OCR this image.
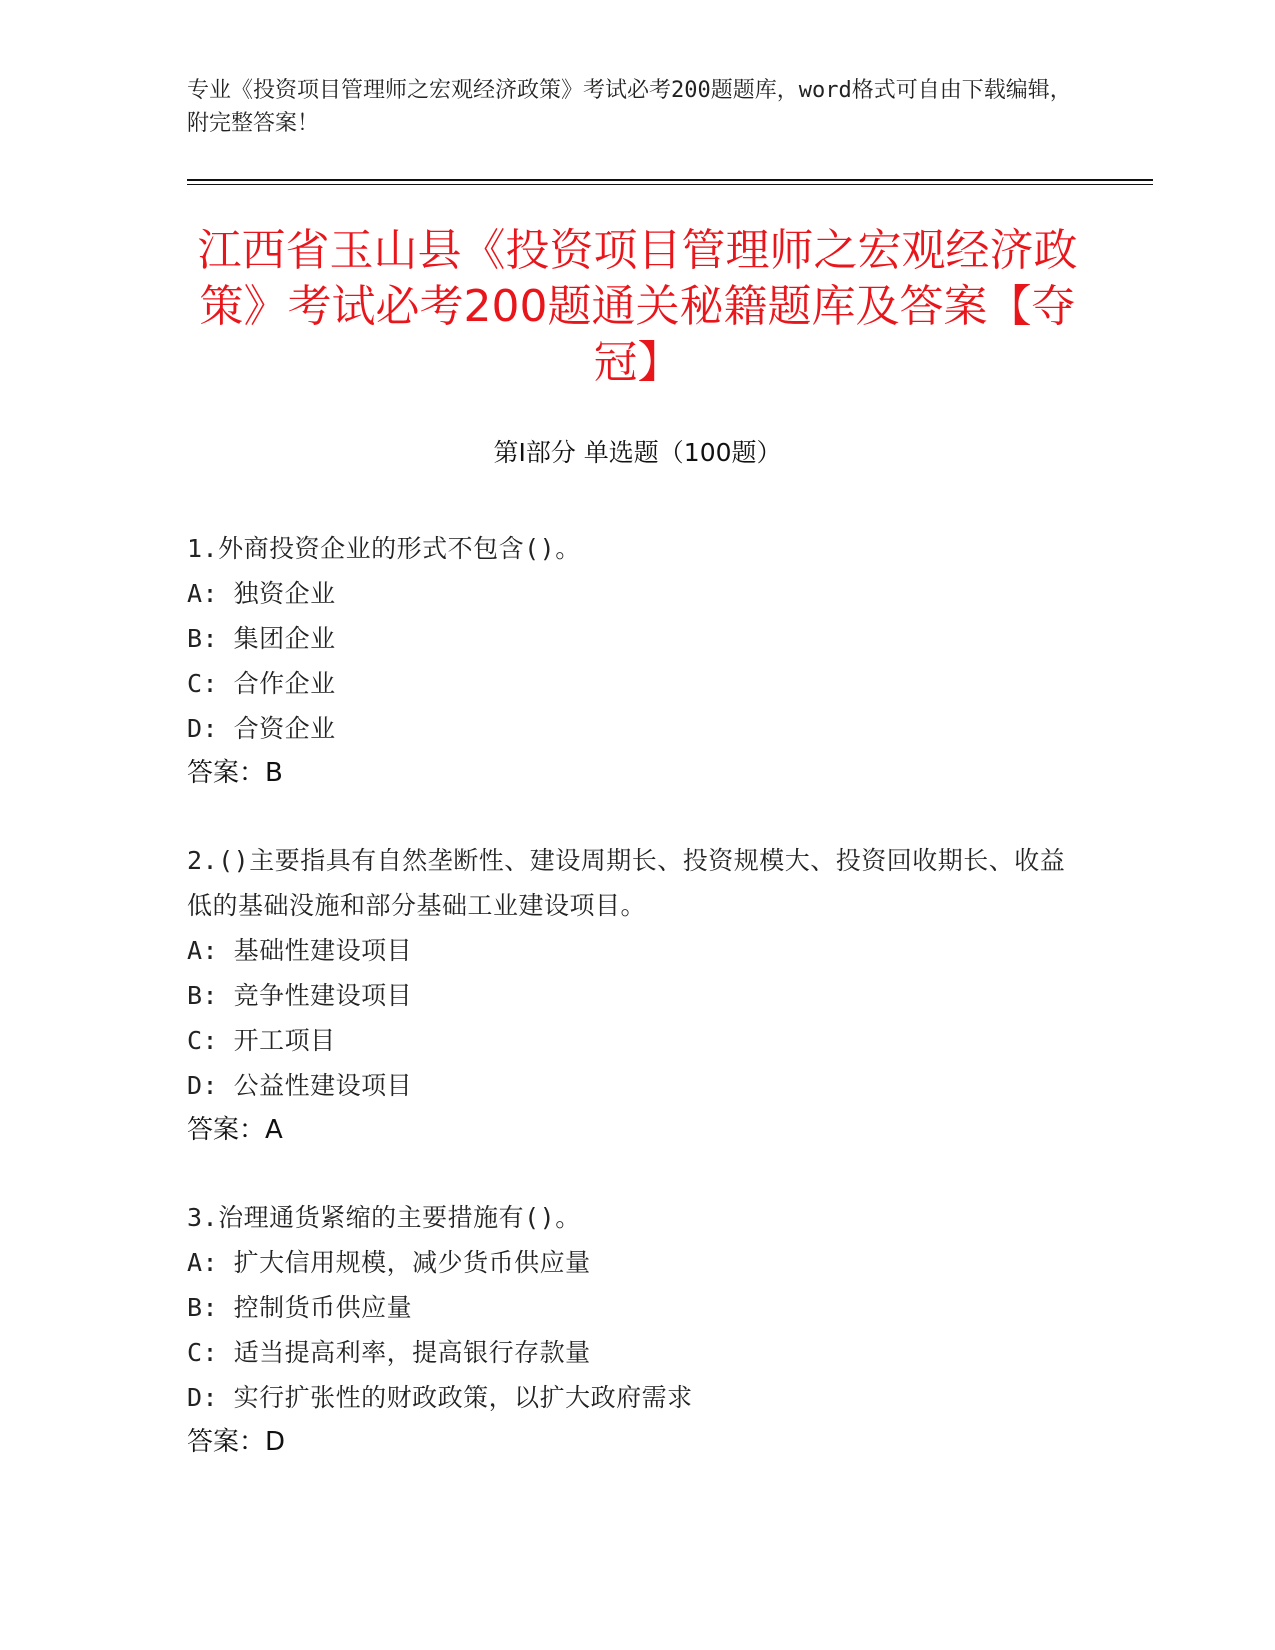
专业《投资项目管理师之宏观经济政策》考试必考200题题库，word格式可自由下载编辑，附完整答案！
江西省玉山县《投资项目管理师之宏观经济政策》考试必考200题通关秘籍题库及答案【夺冠】
第I部分 单选题（100题）
1.外商投资企业的形式不包含()。
A: 独资企业
B: 集团企业
C: 合作企业
D: 合资企业
答案：B
2.()主要指具有自然垄断性、建设周期长、投资规模大、投资回收期长、收益低的基础没施和部分基础工业建设项目。
A: 基础性建设项目
B: 竞争性建设项目
C: 开工项目
D: 公益性建设项目
答案：A
3.治理通货紧缩的主要措施有()。
A: 扩大信用规模，减少货币供应量
B: 控制货币供应量
C: 适当提高利率，提高银行存款量
D: 实行扩张性的财政政策，以扩大政府需求
答案：D
